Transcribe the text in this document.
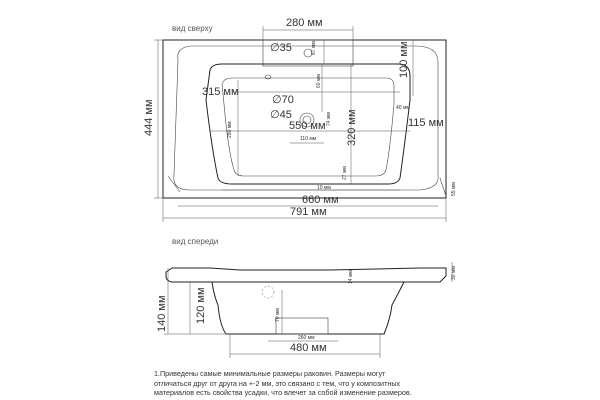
вид сверху	280 мм
∅35	67 мм
60 мм
100 мм
315 мм
∅70
∅45
40 мм
550 мм 74 мм 320 мм	115 мм
290 мм
110 мм
27 мм
10 мм	55 мм
444 мм
660 мм
791 мм
вид спереди
30 мм
14 мм
140 мм 120 мм	70 мм
260 мм
480 мм
1.Приведены самые минимальные размеры раковин. Размеры могут
отличаться друг от друга на +-2 мм, это связано с тем, что у композитных
материалов есть свойства усадки, что влечет за собой изменение размеров.
